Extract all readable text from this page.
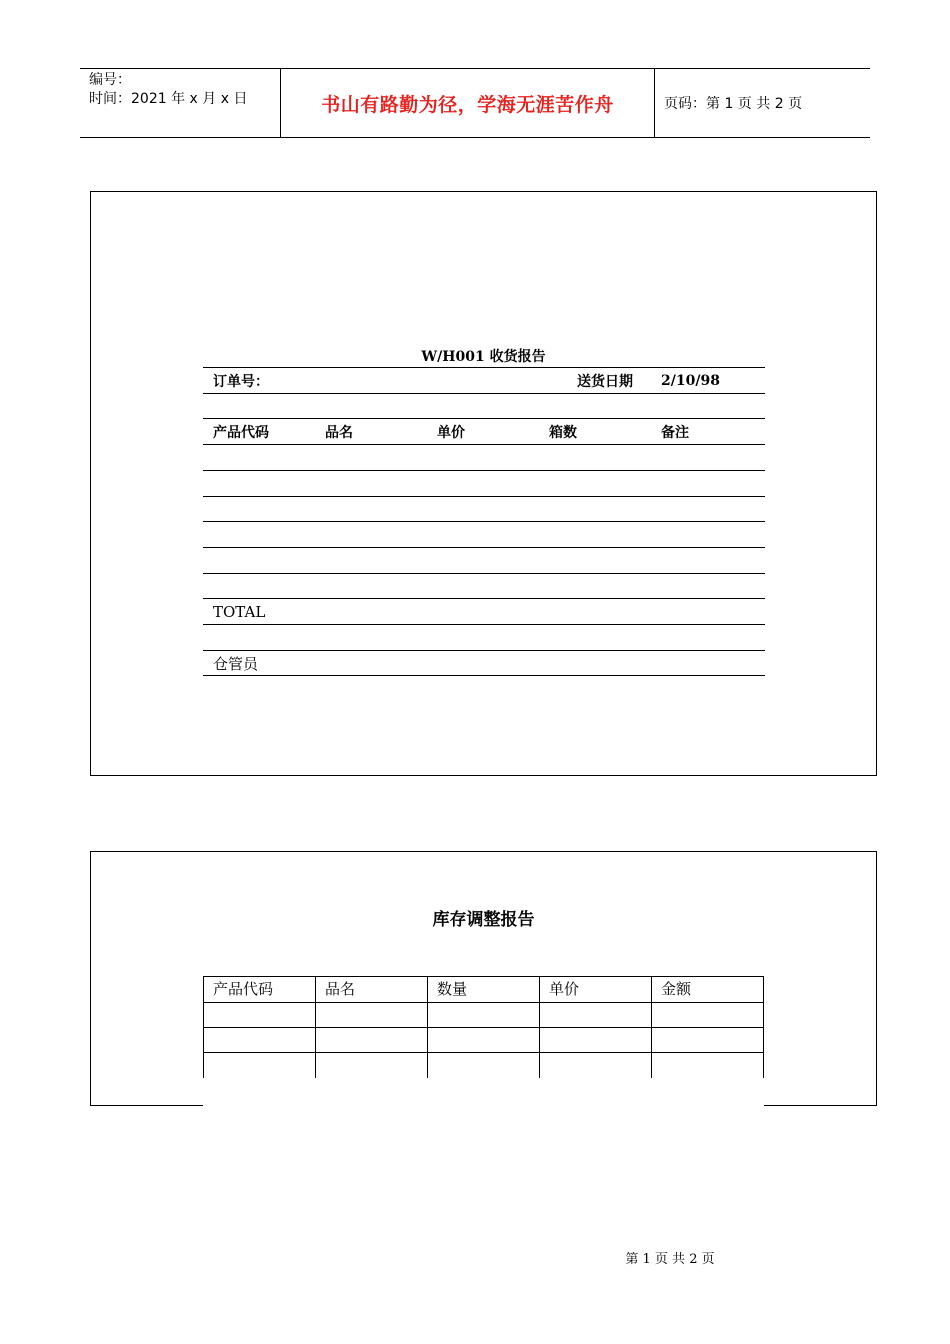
编号：
时间：2021 年 x 月 x 日	书山有路勤为径，学海无涯苦作舟	页码：第 1 页 共 2 页
W/H001 收货报告
订单号：	送货日期 2/10/98
产品代码	品名	单价	箱数	备注
TOTAL
仓管员
库存调整报告
产品代码	品名	数量	单价	金额

第 1 页 共 2 页
